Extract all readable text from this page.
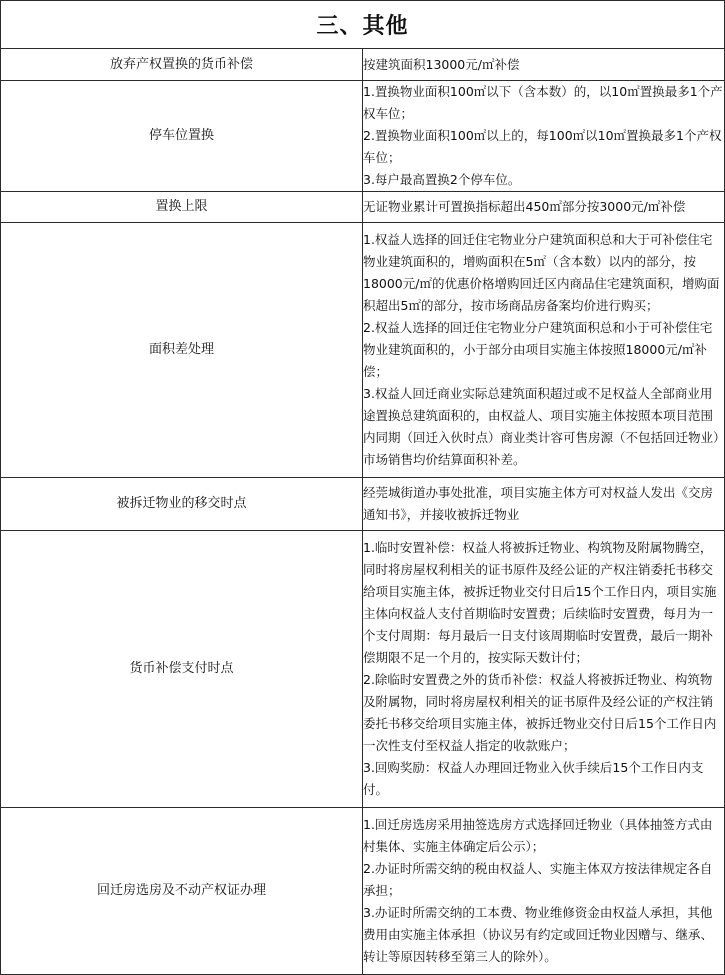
三、其他	
放弃产权置换的货币补偿	按建筑面积13000元/㎡补偿

停车位置换	1.置换物业面积100㎡以下（含本数）的，以10㎡置换最多1个产权车位；
2.置换物业面积100㎡以上的，每100㎡以10㎡置换最多1个产权车位；
3.每户最高置换2个停车位。

置换上限	无证物业累计可置换指标超出450㎡部分按3000元/㎡补偿

面积差处理	1.权益人选择的回迁住宅物业分户建筑面积总和大于可补偿住宅物业建筑面积的，增购面积在5㎡（含本数）以内的部分，按18000元/㎡的优惠价格增购回迁区内商品住宅建筑面积，增购面积超出5㎡的部分，按市场商品房备案均价进行购买；
2.权益人选择的回迁住宅物业分户建筑面积总和小于可补偿住宅物业建筑面积的，小于部分由项目实施主体按照18000元/㎡补偿；
3.权益人回迁商业实际总建筑面积超过或不足权益人全部商业用途置换总建筑面积的，由权益人、项目实施主体按照本项目范围内同期（回迁入伙时点）商业类计容可售房源（不包括回迁物业）市场销售均价结算面积补差。

被拆迁物业的移交时点	经莞城街道办事处批准，项目实施主体方可对权益人发出《交房通知书》，并接收被拆迁物业

货币补偿支付时点	1.临时安置补偿：权益人将被拆迁物业、构筑物及附属物腾空，同时将房屋权利相关的证书原件及经公证的产权注销委托书移交给项目实施主体，被拆迁物业交付日后15个工作日内，项目实施主体向权益人支付首期临时安置费；后续临时安置费，每月为一个支付周期：每月最后一日支付该周期临时安置费，最后一期补偿期限不足一个月的，按实际天数计付；
2.除临时安置费之外的货币补偿：权益人将被拆迁物业、构筑物及附属物，同时将房屋权利相关的证书原件及经公证的产权注销委托书移交给项目实施主体，被拆迁物业交付日后15个工作日内一次性支付至权益人指定的收款账户；
3.回购奖励：权益人办理回迁物业入伙手续后15个工作日内支付。

回迁房选房及不动产权证办理	1.回迁房选房采用抽签选房方式选择回迁物业（具体抽签方式由村集体、实施主体确定后公示）；
2.办证时所需交纳的税由权益人、实施主体双方按法律规定各自承担；
3.办证时所需交纳的工本费、物业维修资金由权益人承担，其他费用由实施主体承担（协议另有约定或回迁物业因赠与、继承、转让等原因转移至第三人的除外）。
